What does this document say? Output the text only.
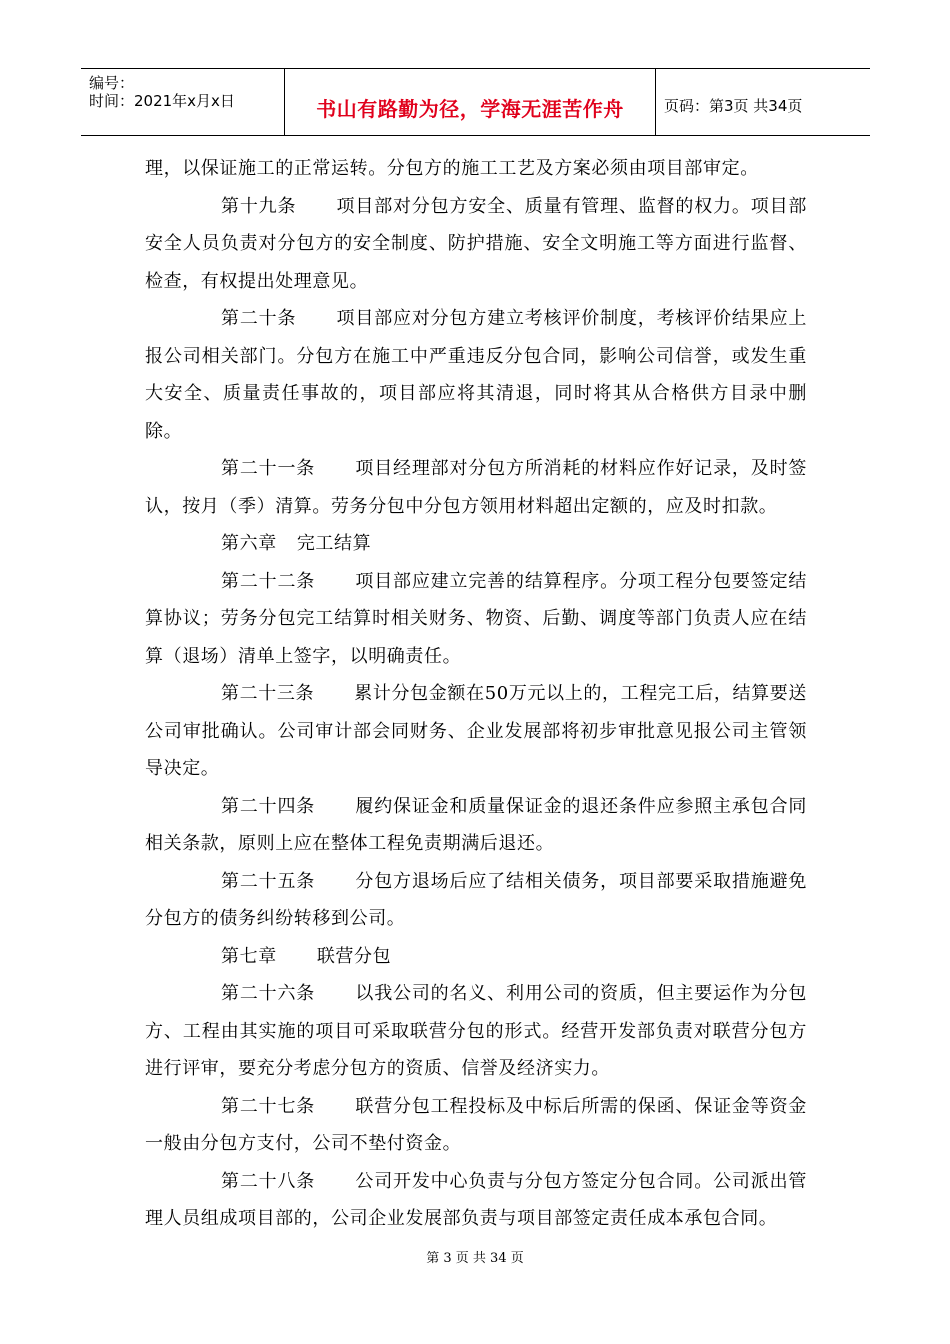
编号：
时间：2021年x月x日	书山有路勤为径，学海无涯苦作舟	页码：第3页 共34页

理，以保证施工的正常运转。分包方的施工工艺及方案必须由项目部审定。

第十九条 项目部对分包方安全、质量有管理、监督的权力。项目部安全人员负责对分包方的安全制度、防护措施、安全文明施工等方面进行监督、检查，有权提出处理意见。

第二十条 项目部应对分包方建立考核评价制度，考核评价结果应上报公司相关部门。分包方在施工中严重违反分包合同，影响公司信誉，或发生重大安全、质量责任事故的，项目部应将其清退，同时将其从合格供方目录中删除。

第二十一条 项目经理部对分包方所消耗的材料应作好记录，及时签认，按月（季）清算。劳务分包中分包方领用材料超出定额的，应及时扣款。

第六章 完工结算

第二十二条 项目部应建立完善的结算程序。分项工程分包要签定结算协议；劳务分包完工结算时相关财务、物资、后勤、调度等部门负责人应在结算（退场）清单上签字，以明确责任。

第二十三条 累计分包金额在50万元以上的，工程完工后，结算要送公司审批确认。公司审计部会同财务、企业发展部将初步审批意见报公司主管领导决定。

第二十四条 履约保证金和质量保证金的退还条件应参照主承包合同相关条款，原则上应在整体工程免责期满后退还。

第二十五条 分包方退场后应了结相关债务，项目部要采取措施避免分包方的债务纠纷转移到公司。

第七章 联营分包

第二十六条 以我公司的名义、利用公司的资质，但主要运作为分包方、工程由其实施的项目可采取联营分包的形式。经营开发部负责对联营分包方进行评审，要充分考虑分包方的资质、信誉及经济实力。

第二十七条 联营分包工程投标及中标后所需的保函、保证金等资金一般由分包方支付，公司不垫付资金。

第二十八条 公司开发中心负责与分包方签定分包合同。公司派出管理人员组成项目部的，公司企业发展部负责与项目部签定责任成本承包合同。

第 3 页 共 34 页
